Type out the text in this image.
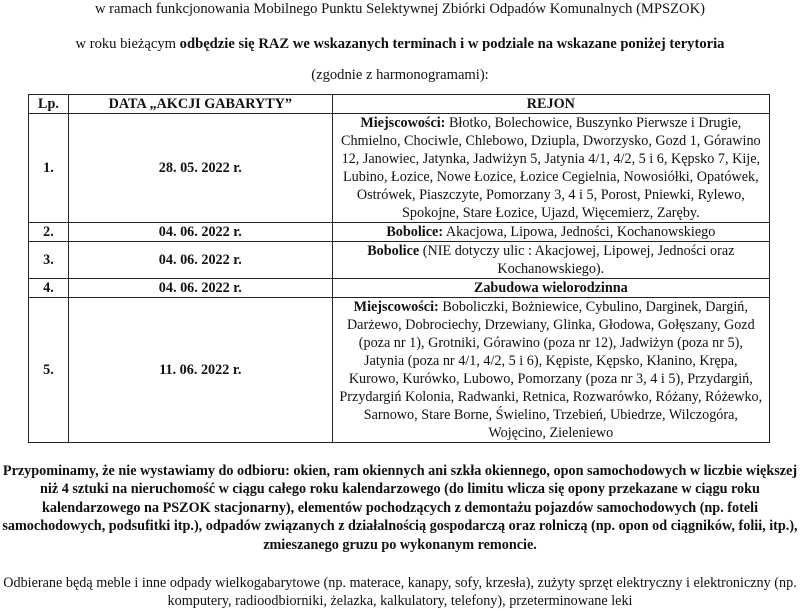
w ramach funkcjonowania Mobilnego Punktu Selektywnej Zbiórki Odpadów Komunalnych (MPSZOK)

w roku bieżącym odbędzie się RAZ we wskazanych terminach i w podziale na wskazane poniżej terytoria

(zgodnie z harmonogramami):

Lp.	DATA „AKCJI GABARYTY”	REJON
1.	28. 05. 2022 r.	Miejscowości: Błotko, Bolechowice, Buszynko Pierwsze i Drugie, Chmielno, Chociwle, Chlebowo, Dziupla, Dworzysko, Gozd 1, Górawino 12, Janowiec, Jatynka, Jadwiżyn 5, Jatynia 4/1, 4/2, 5 i 6, Kępsko 7, Kije, Lubino, Łozice, Nowe Łozice, Łozice Cegielnia, Nowosiółki, Opatówek, Ostrówek, Piaszczyte, Pomorzany 3, 4 i 5, Porost, Pniewki, Rylewo, Spokojne, Stare Łozice, Ujazd, Więcemierz, Zaręby.
2.	04. 06. 2022 r.	Bobolice: Akacjowa, Lipowa, Jedności, Kochanowskiego
3.	04. 06. 2022 r.	Bobolice (NIE dotyczy ulic : Akacjowej, Lipowej, Jedności oraz Kochanowskiego).
4.	04. 06. 2022 r.	Zabudowa wielorodzinna
5.	11. 06. 2022 r.	Miejscowości: Boboliczki, Bożniewice, Cybulino, Darginek, Dargiń, Darżewo, Dobrociechy, Drzewiany, Glinka, Głodowa, Gołęszany, Gozd (poza nr 1), Grotniki, Górawino (poza nr 12), Jadwiżyn (poza nr 5), Jatynia (poza nr 4/1, 4/2, 5 i 6), Kępiste, Kępsko, Kłanino, Krępa, Kurowo, Kurówko, Lubowo, Pomorzany (poza nr 3, 4 i 5), Przydargiń, Przydargiń Kolonia, Radwanki, Retnica, Rozwarówko, Różany, Różewko, Sarnowo, Stare Borne, Świelino, Trzebień, Ubiedrze, Wilczogóra, Wojęcino, Zieleniewo

Przypominamy, że nie wystawiamy do odbioru: okien, ram okiennych ani szkła okiennego, opon samochodowych w liczbie większej niż 4 sztuki na nieruchomość w ciągu całego roku kalendarzowego (do limitu wlicza się opony przekazane w ciągu roku kalendarzowego na PSZOK stacjonarny), elementów pochodzących z demontażu pojazdów samochodowych (np. foteli samochodowych, podsufitki itp.), odpadów związanych z działalnością gospodarczą oraz rolniczą (np. opon od ciągników, folii, itp.), zmieszanego gruzu po wykonanym remoncie.

Odbierane będą meble i inne odpady wielkogabarytowe (np. materace, kanapy, sofy, krzesła), zużyty sprzęt elektryczny i elektroniczny (np. komputery, radioodbiorniki, żelazka, kalkulatory, telefony), przeterminowane leki
